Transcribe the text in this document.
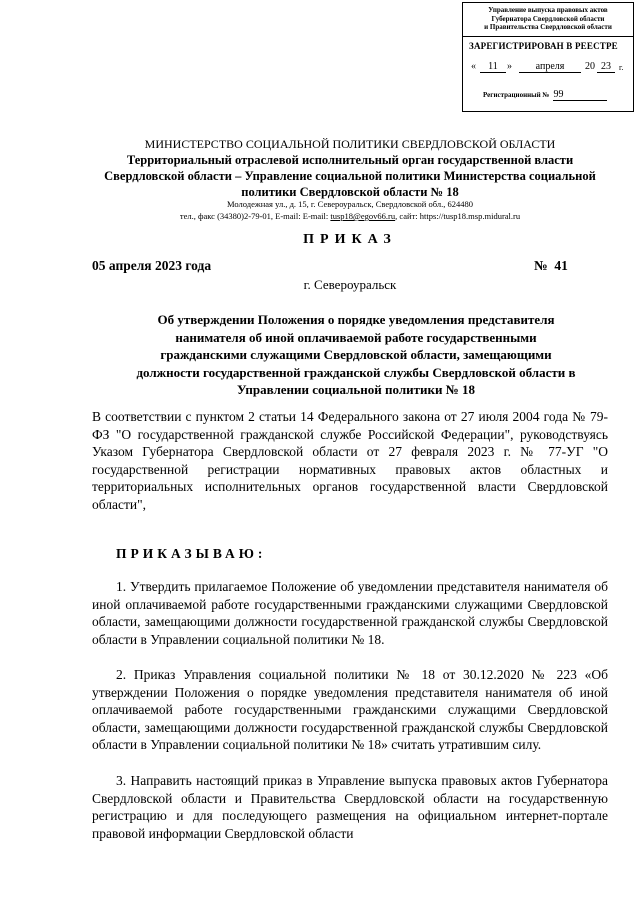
Управление выпуска правовых актов
Губернатора Свердловской области
и Правительства Свердловской области
ЗАРЕГИСТРИРОВАН В РЕЕСТРЕ
«	11 »	апреля	20 23	г.
Регистрационный № 99
МИНИСТЕРСТВО СОЦИАЛЬНОЙ ПОЛИТИКИ СВЕРДЛОВСКОЙ ОБЛАСТИ
Территориальный отраслевой исполнительный орган государственной власти
Свердловской области – Управление социальной политики Министерства социальной
политики Свердловской области № 18
Молодежная ул., д. 15, г. Североуральск, Свердловской обл., 624480
тел., факс (34380)2-79-01, E-mail: E-mail: tusp18@egov66.ru, сайт: https://tusp18.msp.midural.ru
ПРИКАЗ
05 апреля 2023 года	№  41
г. Североуральск
Об утверждении Положения о порядке уведомления представителя
нанимателя об иной оплачиваемой работе государственными
гражданскими служащими Свердловской области, замещающими
должности государственной гражданской службы Свердловской области в
Управлении социальной политики № 18
В соответствии с пунктом 2 статьи 14 Федерального закона от 27 июля 2004 года № 79-ФЗ "О государственной гражданской службе Российской Федерации", руководствуясь Указом Губернатора Свердловской области от 27 февраля 2023 г. № 77-УГ "О государственной регистрации нормативных правовых актов областных и территориальных исполнительных органов государственной власти Свердловской области",
ПРИКАЗЫВАЮ:
1. Утвердить прилагаемое Положение об уведомлении представителя нанимателя об иной оплачиваемой работе государственными гражданскими служащими Свердловской области, замещающими должности государственной гражданской службы Свердловской области в Управлении социальной политики № 18.
2. Приказ Управления социальной политики № 18 от 30.12.2020 № 223 «Об утверждении Положения о порядке уведомления представителя нанимателя об иной оплачиваемой работе государственными гражданскими служащими Свердловской области, замещающими должности государственной гражданской службы Свердловской области в Управлении социальной политики № 18» считать утратившим силу.
3. Направить настоящий приказ в Управление выпуска правовых актов Губернатора Свердловской области и Правительства Свердловской области на государственную регистрацию и для последующего размещения на официальном интернет-портале правовой информации Свердловской области
